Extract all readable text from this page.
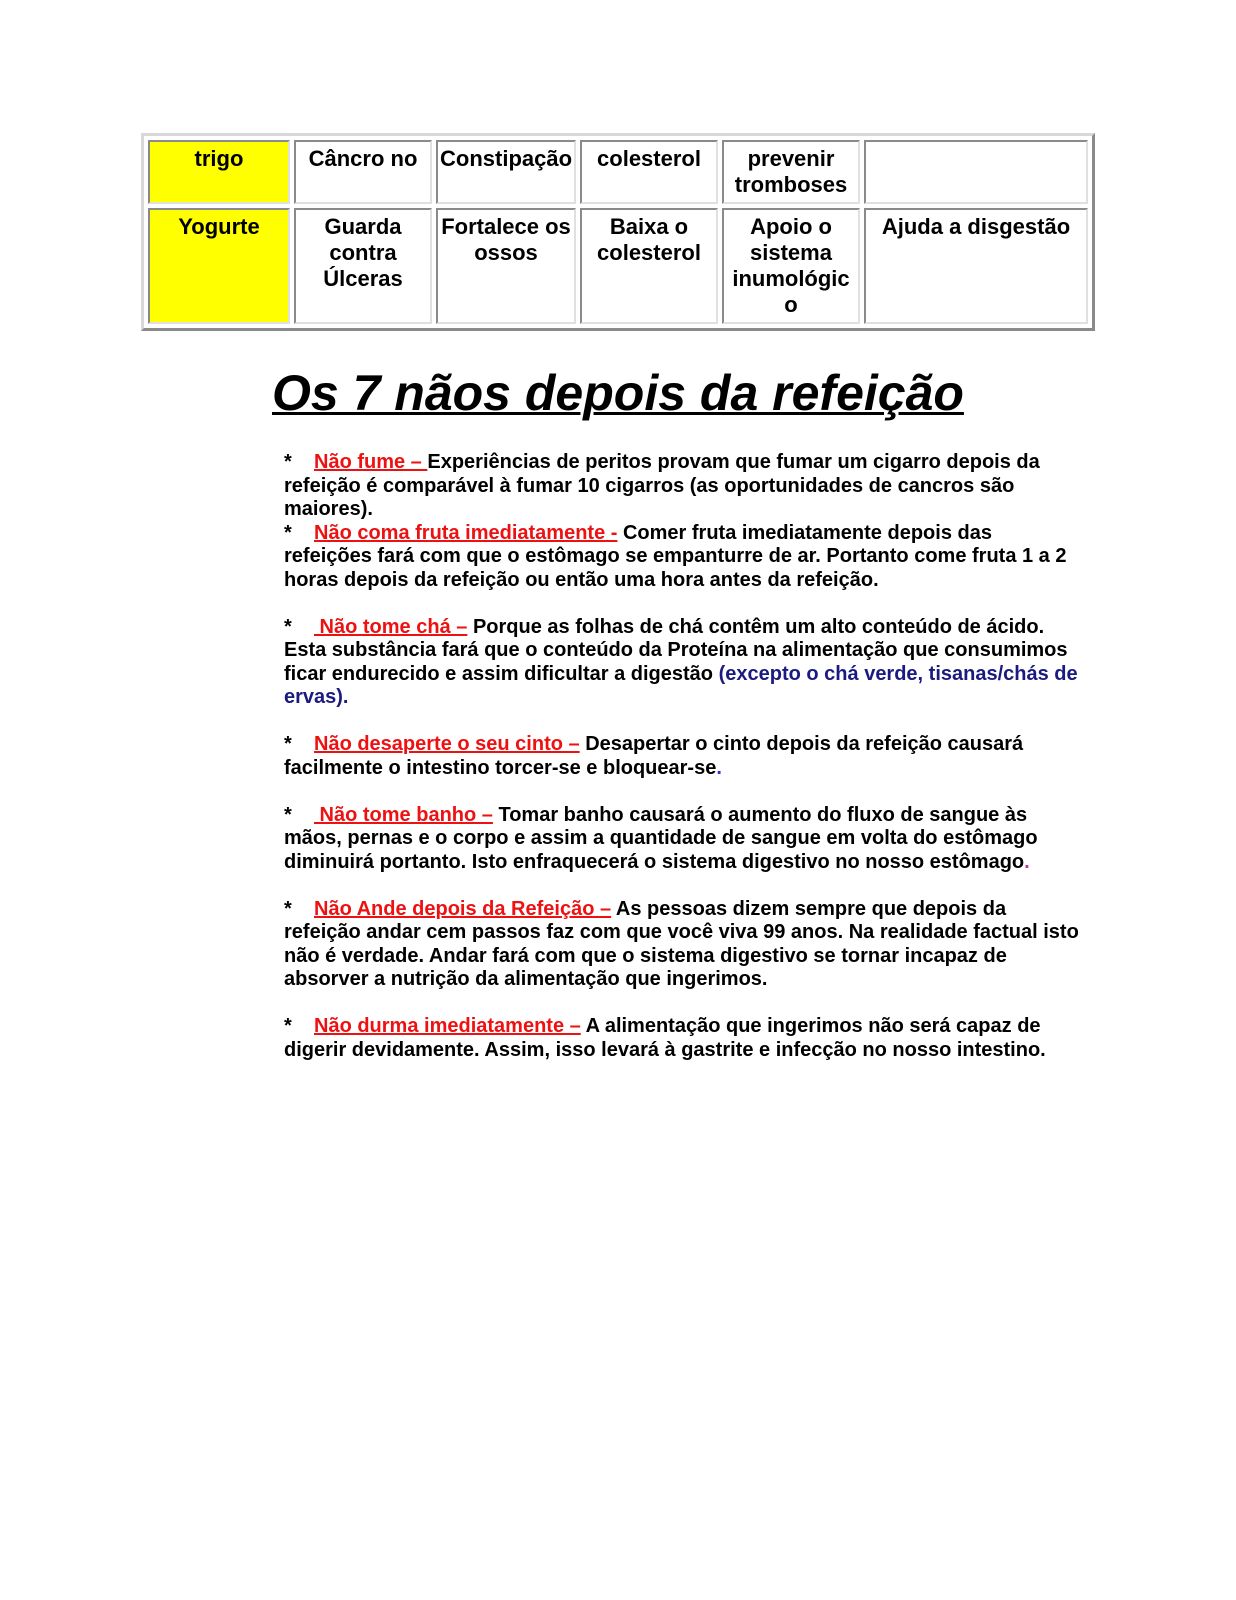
trigo	Câncro no	Constipação	colesterol	prevenir tromboses	
Yogurte	Guarda contra Úlceras	Fortalece os ossos	Baixa o colesterol	Apoio o sistema inumológic o	Ajuda a disgestão
Os 7 nãos depois da refeição

* Não fume – Experiências de peritos provam que fumar um cigarro depois da refeição é comparável à fumar 10 cigarros (as oportunidades de cancros são maiores).

* Não coma fruta imediatamente - Comer fruta imediatamente depois das refeições fará com que o estômago se empanturre de ar. Portanto come fruta 1 a 2 horas depois da refeição ou então uma hora antes da refeição.

* Não tome chá – Porque as folhas de chá contêm um alto conteúdo de ácido. Esta substância fará que o conteúdo da Proteína na alimentação que consumimos ficar endurecido e assim dificultar a digestão (excepto o chá verde, tisanas/chás de ervas).

* Não desaperte o seu cinto – Desapertar o cinto depois da refeição causará facilmente o intestino torcer-se e bloquear-se.

* Não tome banho – Tomar banho causará o aumento do fluxo de sangue às mãos, pernas e o corpo e assim a quantidade de sangue em volta do estômago diminuirá portanto. Isto enfraquecerá o sistema digestivo no nosso estômago.

* Não Ande depois da Refeição – As pessoas dizem sempre que depois da refeição andar cem passos faz com que você viva 99 anos. Na realidade factual isto não é verdade. Andar fará com que o sistema digestivo se tornar incapaz de absorver a nutrição da alimentação que ingerimos.

* Não durma imediatamente – A alimentação que ingerimos não será capaz de digerir devidamente. Assim, isso levará à gastrite e infecção no nosso intestino.
